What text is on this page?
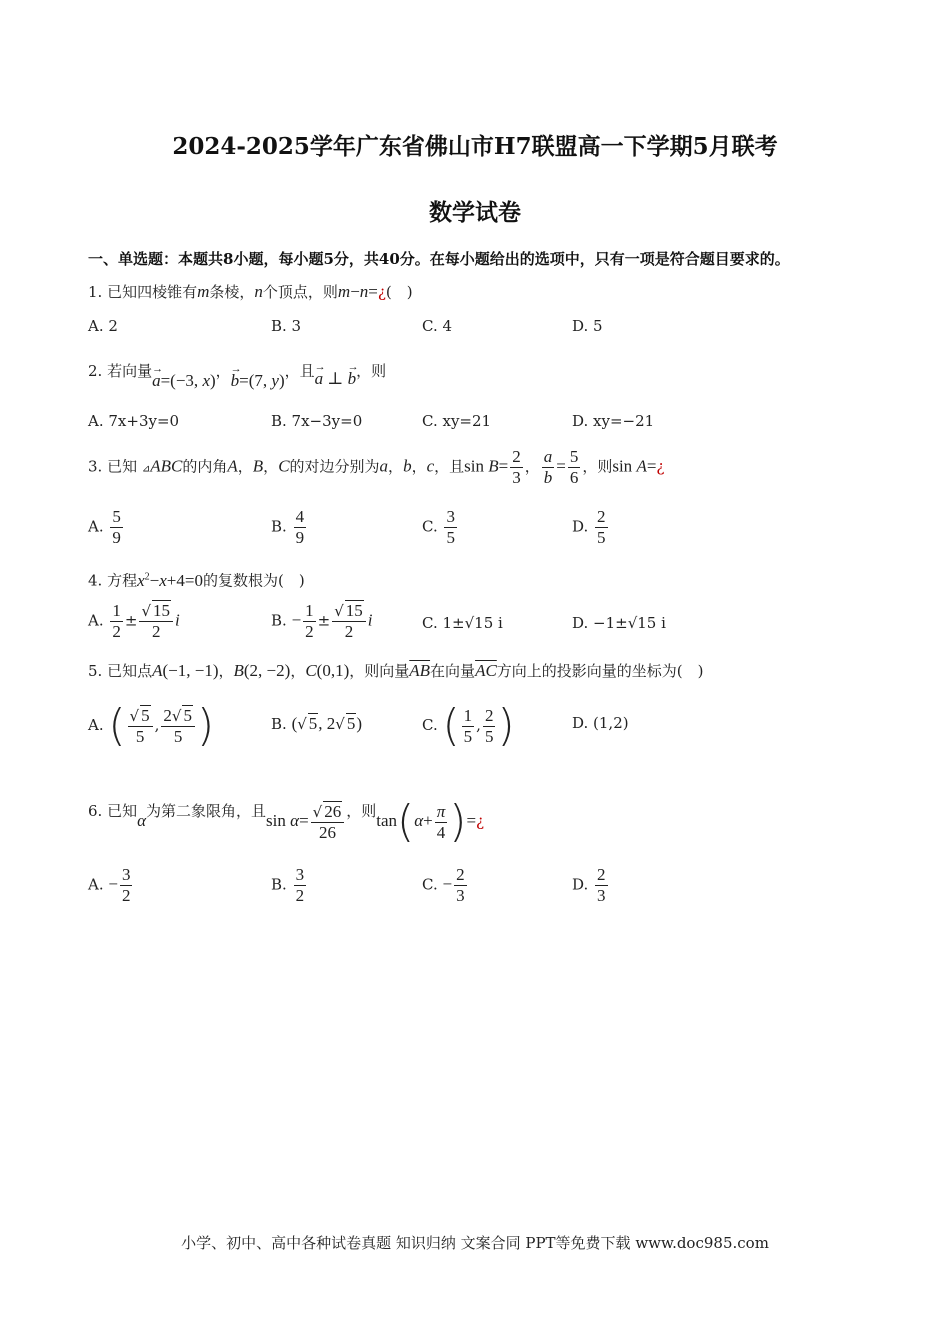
2024-2025学年广东省佛山市H7联盟高一下学期5月联考
数学试卷
一、单选题：本题共8小题，每小题5分，共40分。在每小题给出的选项中，只有一项是符合题目要求的。
1. 已知四棱锥有m条棱，n个顶点，则m−n=¿(　)
A. 2	B. 3	C. 4	D. 5
2. 若向量→ a=(−3, x)，→ b=(7, y)，且→ a ⊥ → b，则
A. 7x+3y=0	B. 7x−3y=0	C. xy=21	D. xy=−21
3. 已知 ⊿ABC的内角A，B，C的对边分别为a，b，c，且$\sin B= \frac{2}{3}$ ， $\frac{a}{b} = \frac{5}{6}$ ，则sin A=¿
A. $\frac{5}{9}$	B. $\frac{4}{9}$	C. $\frac{3}{5}$	D. $\frac{2}{5}$
4. 方程$x^2-x+4=0$的复数根为(　)
A. $\frac{1}{2} \pm \frac{√ 15}{2}$ i	B. − $\frac{1}{2} \pm \frac{√ 15}{2}$ i	C. 1±√15 i	D. −1±√15 i
5. 已知点A(−1, −1)，B(2, −2)，C(0,1)，则向量$\overline{AB}$在向量$\overline{AC}$方向上的投影向量的坐标为(　)
A. ( $\frac{√ 5}{5}$ , $\frac{2√ 5}{5}$ )	B. (√ 5, 2√ 5)	C. ( $\frac{1}{5}$ , $\frac{2}{5}$ )	D. (1,2)
6. 已知α为第二象限角，且$\sin \alpha= \frac{√ 26}{26}$ ，则$\tan(\alpha+ \frac{\pi}{4}$ )=¿
A. − $\frac{3}{2}$	B. $\frac{3}{2}$	C. − $\frac{2}{3}$	D. $\frac{2}{3}$
小学、初中、高中各种试卷真题 知识归纳 文案合同 PPT等免费下载 www.doc985.com
